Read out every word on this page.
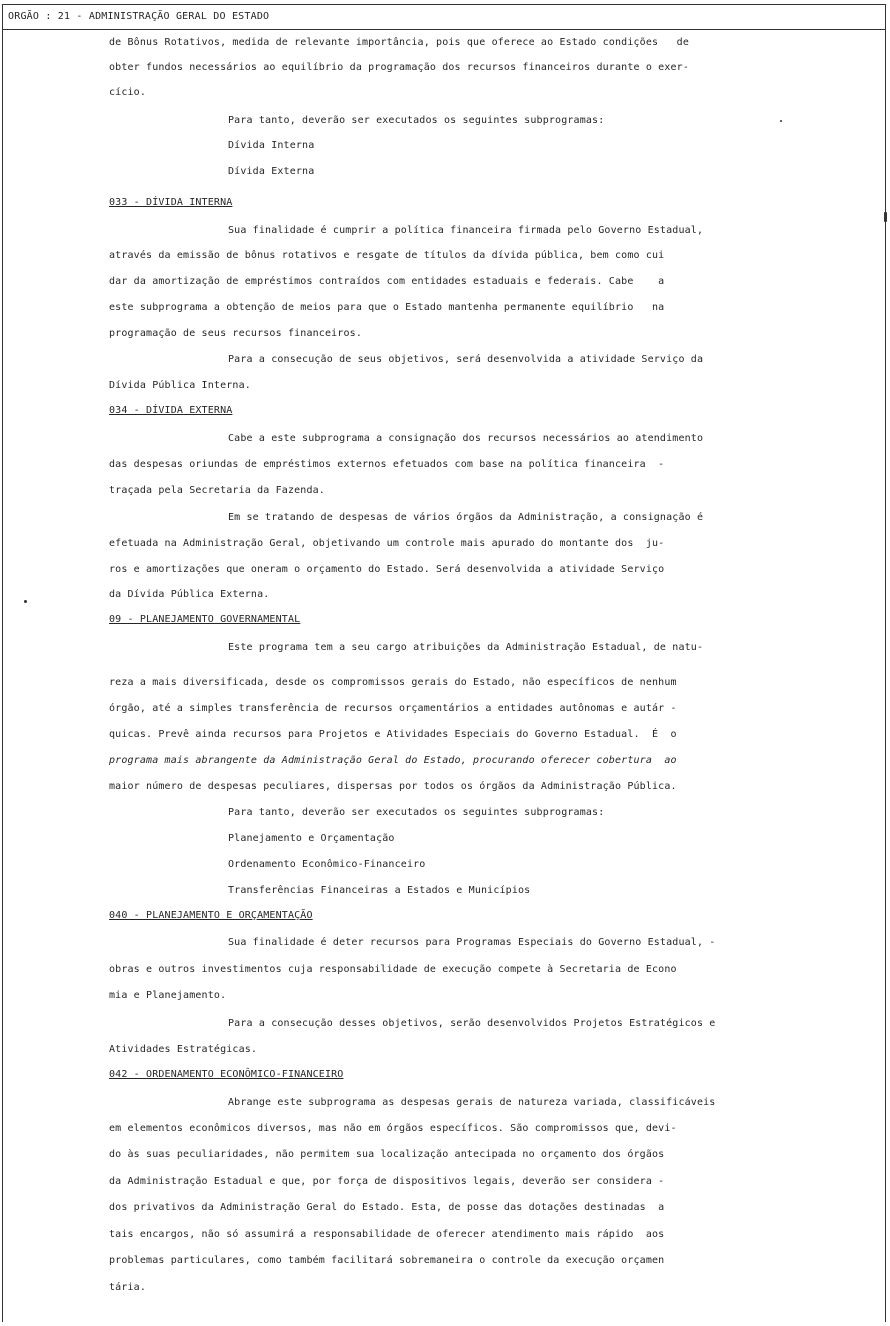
ORGÃO : 21 - ADMINISTRAÇÃO GERAL DO ESTADO
de Bônus Rotativos, medida de relevante importância, pois que oferece ao Estado condições   de
obter fundos necessários ao equilíbrio da programação dos recursos financeiros durante o exer-
cício.
Para tanto, deverão ser executados os seguintes subprogramas:
Dívida Interna
Dívida Externa
033 - DÍVIDA INTERNA
Sua finalidade é cumprir a política financeira firmada pelo Governo Estadual,
através da emissão de bônus rotativos e resgate de títulos da dívida pública, bem como cui
dar da amortização de empréstimos contraídos com entidades estaduais e federais. Cabe    a
este subprograma a obtenção de meios para que o Estado mantenha permanente equilíbrio   na
programação de seus recursos financeiros.
Para a consecução de seus objetivos, será desenvolvida a atividade Serviço da
Dívida Pública Interna.
034 - DÍVIDA EXTERNA
Cabe a este subprograma a consignação dos recursos necessários ao atendimento
das despesas oriundas de empréstimos externos efetuados com base na política financeira  -
traçada pela Secretaria da Fazenda.
Em se tratando de despesas de vários órgãos da Administração, a consignação é
efetuada na Administração Geral, objetivando um controle mais apurado do montante dos  ju-
ros e amortizações que oneram o orçamento do Estado. Será desenvolvida a atividade Serviço
da Dívida Pública Externa.
09 - PLANEJAMENTO GOVERNAMENTAL
Este programa tem a seu cargo atribuições da Administração Estadual, de natu-
reza a mais diversificada, desde os compromissos gerais do Estado, não específicos de nenhum
órgão, até a simples transferência de recursos orçamentários a entidades autônomas e autár -
quicas. Prevê ainda recursos para Projetos e Atividades Especiais do Governo Estadual.  É  o
programa mais abrangente da Administração Geral do Estado, procurando oferecer cobertura  ao
maior número de despesas peculiares, dispersas por todos os órgãos da Administração Pública.
Para tanto, deverão ser executados os seguintes subprogramas:
Planejamento e Orçamentação
Ordenamento Econômico-Financeiro
Transferências Financeiras a Estados e Municípios
040 - PLANEJAMENTO E ORÇAMENTAÇÃO
Sua finalidade é deter recursos para Programas Especiais do Governo Estadual, -
obras e outros investimentos cuja responsabilidade de execução compete à Secretaria de Econo
mia e Planejamento.
Para a consecução desses objetivos, serão desenvolvidos Projetos Estratégicos e
Atividades Estratégicas.
042 - ORDENAMENTO ECONÔMICO-FINANCEIRO
Abrange este subprograma as despesas gerais de natureza variada, classificáveis
em elementos econômicos diversos, mas não em órgãos específicos. São compromissos que, devi-
do às suas peculiaridades, não permitem sua localização antecipada no orçamento dos órgãos
da Administração Estadual e que, por força de dispositivos legais, deverão ser considera -
dos privativos da Administração Geral do Estado. Esta, de posse das dotações destinadas  a
tais encargos, não só assumirá a responsabilidade de oferecer atendimento mais rápido  aos
problemas particulares, como também facilitará sobremaneira o controle da execução orçamen
tária.
